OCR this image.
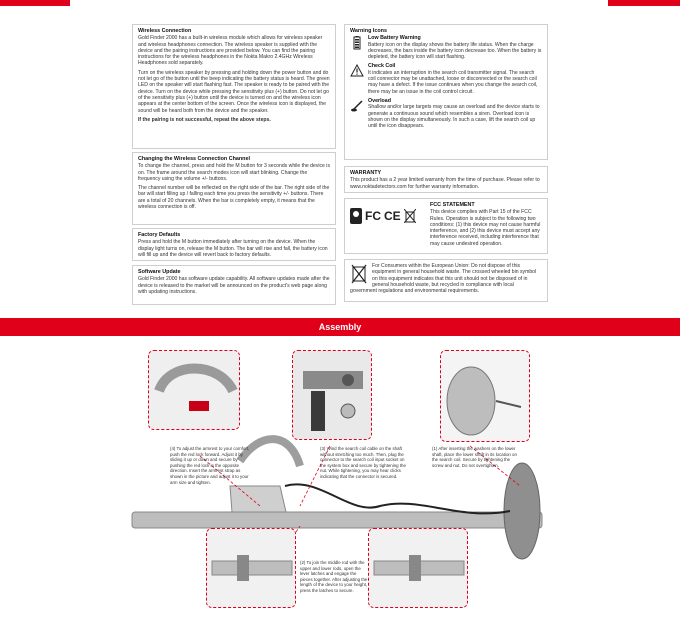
Wireless Connection

Gold Finder 2000 has a built-in wireless module which allows for wireless speaker and wireless headphones connection. The wireless speaker is supplied with the device and the pairing instructions are provided below. You can find the pairing instructions for the wireless headphones in the Nokta Makro 2.4GHz Wireless Headphones sold separately.

Turn on the wireless speaker by pressing and holding down the power button and do not let go of the button until the beep indicating the battery status is heard. The green LED on the speaker will start flashing fast. The speaker is ready to be paired with the device. Turn on the device while pressing the sensitivity plus (+) button. Do not let go of the sensitivity plus (+) button until the device is turned on and the wireless icon appears at the center bottom of the screen. Once the wireless icon is displayed, the sound will be heard both from the device and the speaker.

If the pairing is not successful, repeat the above steps.

Changing the Wireless Connection Channel

To change the channel, press and hold the M button for 3 seconds while the device is on. The frame around the search modes icon will start blinking. Change the frequency using the volume +/- buttons.

The channel number will be reflected on the right side of the bar. The right side of the bar will start filling up / falling each time you press the sensitivity +/- buttons. There are a total of 20 channels. When the bar is completely empty, it means that the wireless connection is off.

Factory Defaults

Press and hold the M button immediately after turning on the device. When the display light turns on, release the M button. The bar will rise and fall, the battery icon will fill up and the device will revert back to factory defaults.

Software Update

Gold Finder 2000 has software update capability. All software updates made after the device is released to the market will be announced on the product's web page along with updating instructions.

Warning Icons
Low Battery Warning

Battery icon on the display shows the battery life status. When the charge decreases, the bars inside the battery icon decrease too. When the battery is depleted, the battery icon will start flashing.

Check Coil

It indicates an interruption in the search coil transmitter signal. The search coil connector may be unattached, loose or disconnected or the search coil may have a defect. If the issue continues when you change the search coil, there may be an issue in the coil control circuit.

Overload

Shallow and/or large targets may cause an overload and the device starts to generate a continuous sound which resembles a siren. Overload icon is shown on the display simultaneously. In such a case, lift the search coil up until the icon disappears.

WARRANTY

This product has a 2 year limited warranty from the time of purchase. Please refer to www.noktadetectors.com for further warranty information.

FC CE
FCC STATEMENT

This device complies with Part 15 of the FCC Rules. Operation is subject to the following two conditions: (1) this device may not cause harmful interference, and (2) this device must accept any interference received, including interference that may cause undesired operation.

For Consumers within the European Union: Do not dispose of this equipment in general household waste. The crossed wheeled bin symbol on this equipment indicates that this unit should not be disposed of in general household waste, but recycled in compliance with local government regulations and environmental requirements.

Assembly
(4) To adjust the armrest to your comfort, push the red lock forward. Adjust it by sliding it up or down and secure by pushing the red lock in the opposite direction. Insert the armrest strap as shown in the picture and adjust it to your arm size and tighten.
(3) Wind the search coil cable on the shaft without stretching too much. Then, plug the connector to the search coil input socket on the system box and secure by tightening the nut. While tightening, you may hear clicks indicating that the connector is secured.
(1) After inserting the washers on the lower shaft, place the lower shaft in its location on the search coil. Secure by tightening the screw and nut. Do not overtighten.
(2) To join the middle rod with the upper and lower rods, open the lever latches and engage the pieces together. After adjusting the length of the device to your height, press the latches to secure.
